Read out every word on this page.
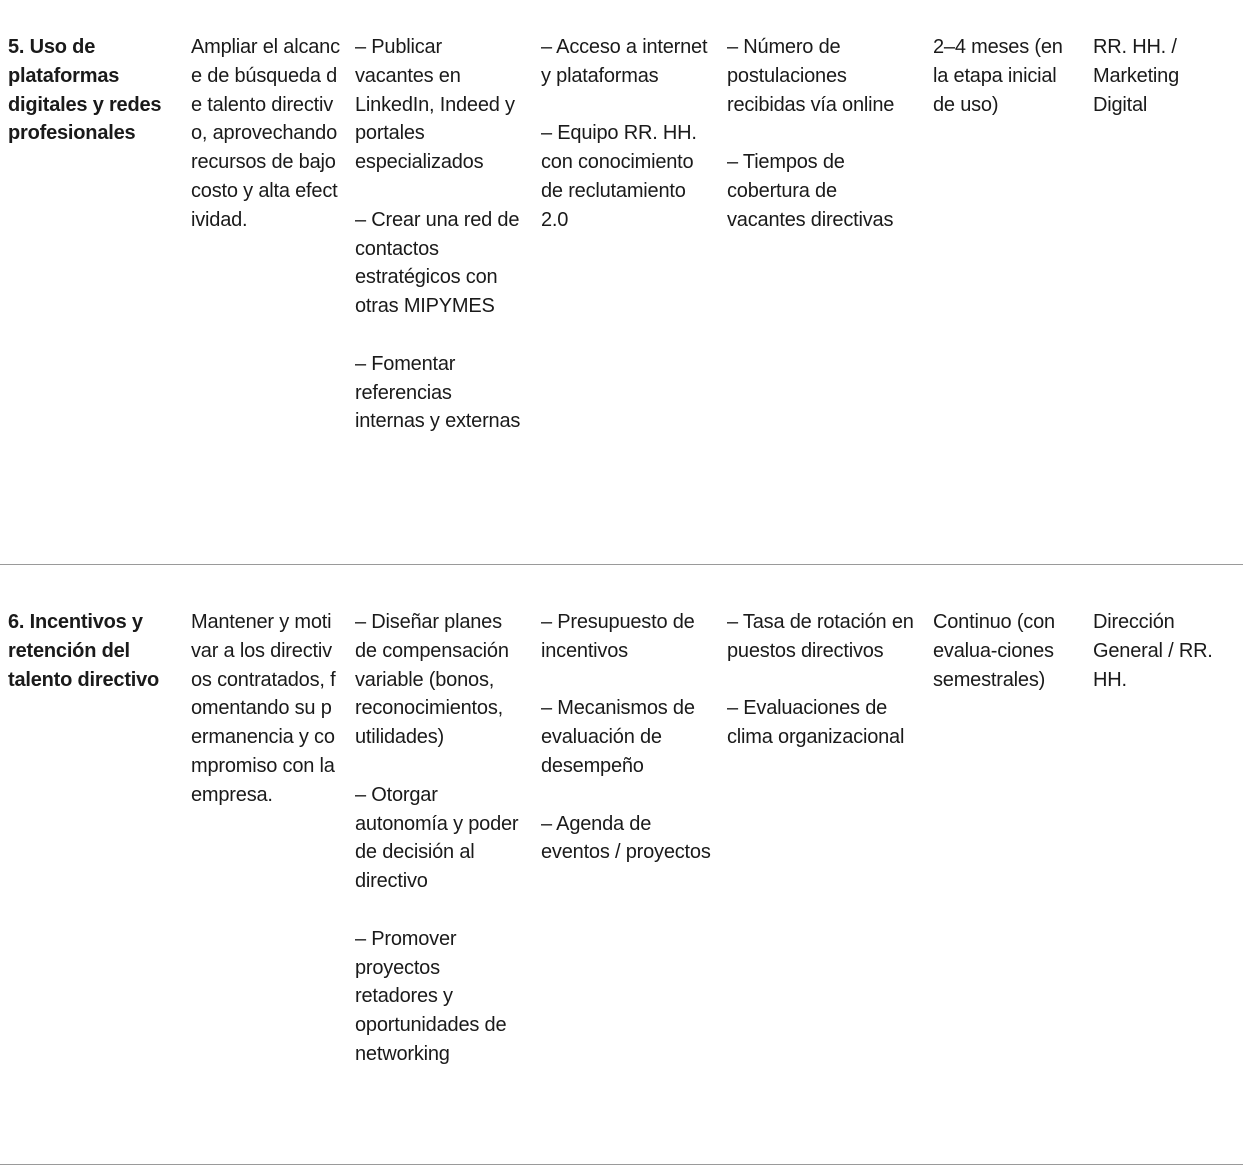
5. Uso de plataformas digitales y redes profesionales
Ampliar el alcance de búsqueda de talento directivo, aprovechando recursos de bajo costo y alta efectividad.
– Publicar vacantes en LinkedIn, Indeed y portales especializados
– Crear una red de contactos estratégicos con otras MIPYMES
– Fomentar referencias internas y externas
– Acceso a internet y plataformas
– Equipo RR. HH. con conocimiento de reclutamiento 2.0
– Número de postulaciones recibidas vía online
– Tiempos de cobertura de vacantes directivas
2–4 meses (en la etapa inicial de uso)
RR. HH. / Marketing Digital
6. Incentivos y retención del talento directivo
Mantener y motivar a los directivos contratados, fomentando su permanencia y compromiso con la empresa.
– Diseñar planes de compensación variable (bonos, reconocimientos, utilidades)
– Otorgar autonomía y poder de decisión al directivo
– Promover proyectos retadores y oportunidades de networking
– Presupuesto de incentivos
– Mecanismos de evaluación de desempeño
– Agenda de eventos / proyectos
– Tasa de rotación en puestos directivos
– Evaluaciones de clima organizacional
Continuo (con evalua-ciones semestrales)
Dirección General / RR. HH.
